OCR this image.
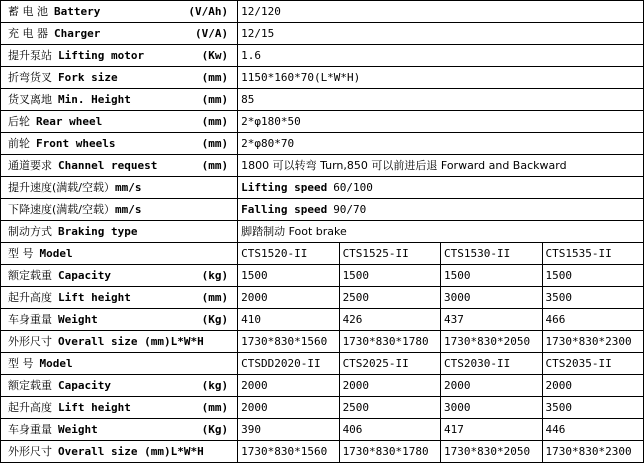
蓄 电 池 Battery (V/Ah)	12/120			

充 电 器 Charger (V/A)	12/15			

提升泵站 Lifting motor (Kw)	1.6			

折弯货叉 Fork size (mm)	1150*160*70(L*W*H)			

货叉离地 Min. Height (mm)	85			

后轮 Rear wheel (mm)	2*φ180*50			

前轮 Front wheels (mm)	2*φ80*70			

通道要求 Channel request (mm)	1800 可以转弯 Turn,850 可以前进后退 Forward and Backward			

提升速度(满载/空载） mm/s	Lifting speed 60/100			

下降速度(满载/空载） mm/s	Falling speed 90/70			

制动方式 Braking type	脚踏制动 Foot brake			

型 号 Model	CTS1520-II	CTS1525-II	CTS1530-II	CTS1535-II

额定载重 Capacity (kg)	1500	1500	1500	1500

起升高度 Lift height (mm)	2000	2500	3000	3500

车身重量 Weight (Kg)	410	426	437	466

外形尺寸 Overall size (mm)L*W*H	1730*830*1560	1730*830*1780	1730*830*2050	1730*830*2300

型 号 Model	CTSDD2020-II	CTS2025-II	CTS2030-II	CTS2035-II

额定载重 Capacity (kg)	2000	2000	2000	2000

起升高度 Lift height (mm)	2000	2500	3000	3500

车身重量 Weight (Kg)	390	406	417	446

外形尺寸 Overall size (mm)L*W*H	1730*830*1560	1730*830*1780	1730*830*2050	1730*830*2300
